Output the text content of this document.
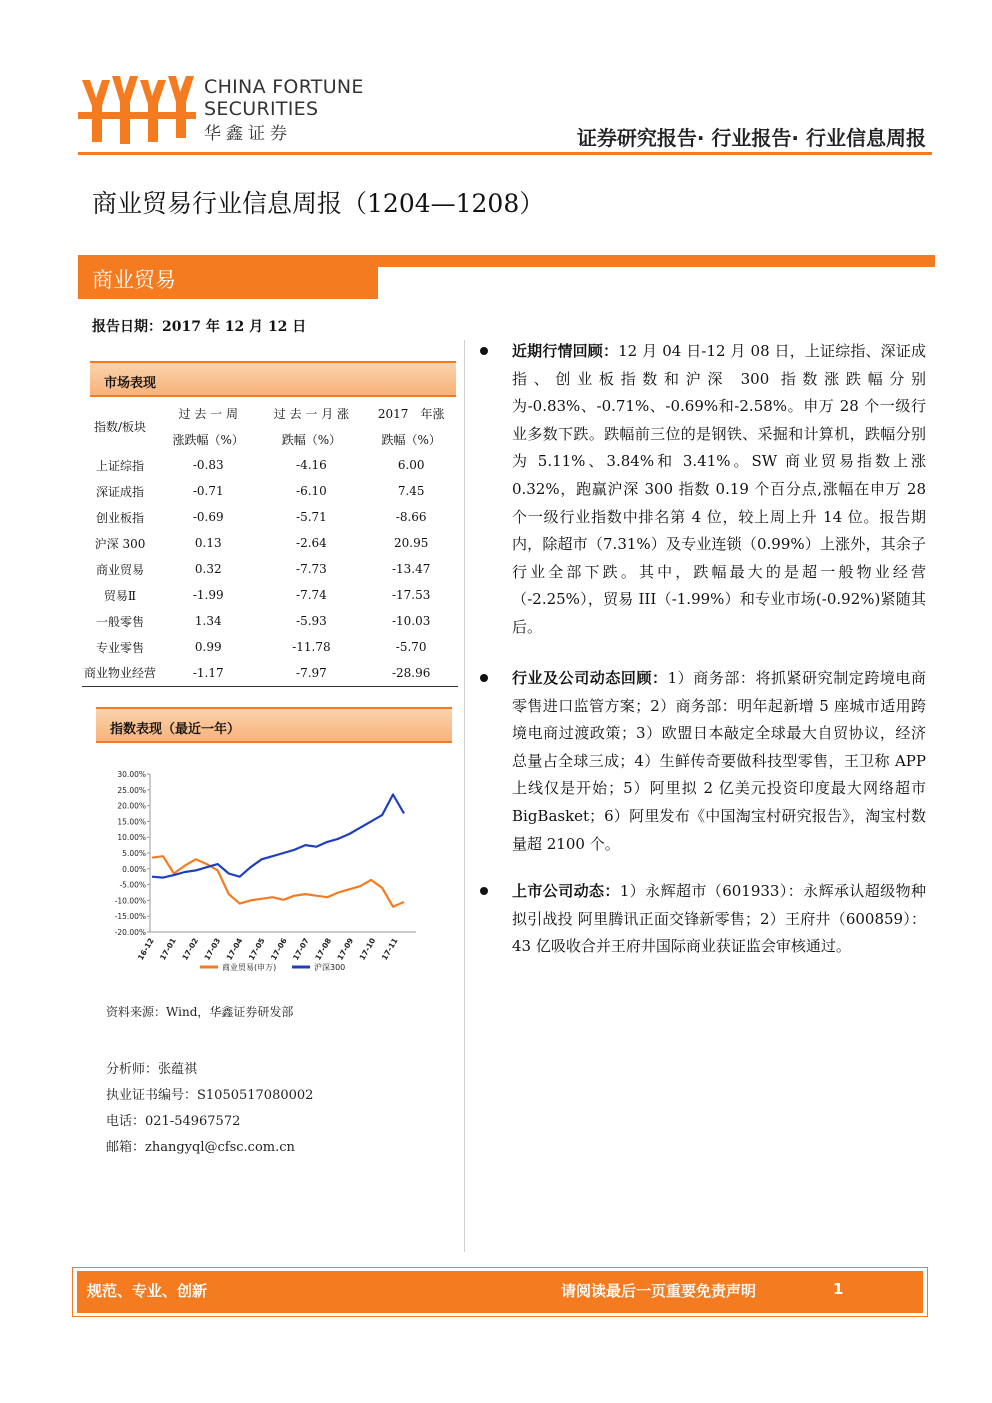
CHINA FORTUNE
SECURITIES
华鑫证券	证券研究报告· 行业报告· 行业信息周报
商业贸易行业信息周报（1204—1208）
商业贸易
报告日期：2017 年 12 月 12 日
市场表现
指数/板块	过 去 一 周	过 去 一 月 涨	2017　年涨
	涨跌幅（%）	跌幅（%）	跌幅（%）
上证综指	-0.83	-4.16	6.00
深证成指	-0.71	-6.10	7.45
创业板指	-0.69	-5.71	-8.66
沪深 300	0.13	-2.64	20.95
商业贸易	0.32	-7.73	-13.47
贸易Ⅱ	-1.99	-7.74	-17.53
一般零售	1.34	-5.93	-10.03
专业零售	0.99	-11.78	-5.70
商业物业经营	-1.17	-7.97	-28.96
指数表现（最近一年）
30.00%
25.00%
20.00%
15.00%
10.00%
5.00%
0.00%
-5.00%
-10.00%
-15.00%
-20.00%
16-12 17-01 17-02 17-03 17-04 17-05 17-06 17-07 17-08 17-09 17-10 17-11
商业贸易(申万)	沪深300
资料来源：Wind，华鑫证券研发部
分析师：张蕴祺
执业证书编号：S1050517080002
电话：021-54967572
邮箱：zhangyql@cfsc.com.cn

近期行情回顾：12 月 04 日-12 月 08 日，上证综指、深证成指、创业板指数和沪深 300 指数涨跌幅分别为-0.83%、-0.71%、-0.69%和-2.58%。申万 28 个一级行业多数下跌。跌幅前三位的是钢铁、采掘和计算机，跌幅分别为 5.11%、3.84%和 3.41%。SW 商业贸易指数上涨 0.32%，跑赢沪深 300 指数 0.19 个百分点,涨幅在申万 28 个一级行业指数中排名第 4 位，较上周上升 14 位。报告期内，除超市（7.31%）及专业连锁（0.99%）上涨外，其余子行业全部下跌。其中，跌幅最大的是超一般物业经营（-2.25%），贸易 III（-1.99%）和专业市场(-0.92%)紧随其后。

行业及公司动态回顾：1）商务部：将抓紧研究制定跨境电商零售进口监管方案；2）商务部：明年起新增 5 座城市适用跨境电商过渡政策；3）欧盟日本敲定全球最大自贸协议，经济总量占全球三成；4）生鲜传奇要做科技型零售，王卫称 APP 上线仅是开始；5）阿里拟 2 亿美元投资印度最大网络超市 BigBasket；6）阿里发布《中国淘宝村研究报告》，淘宝村数量超 2100 个。

上市公司动态：1）永辉超市（601933）：永辉承认超级物种拟引战投 阿里腾讯正面交锋新零售；2）王府井（600859）：43 亿吸收合并王府井国际商业获证监会审核通过。

规范、专业、创新	请阅读最后一页重要免责声明	1
